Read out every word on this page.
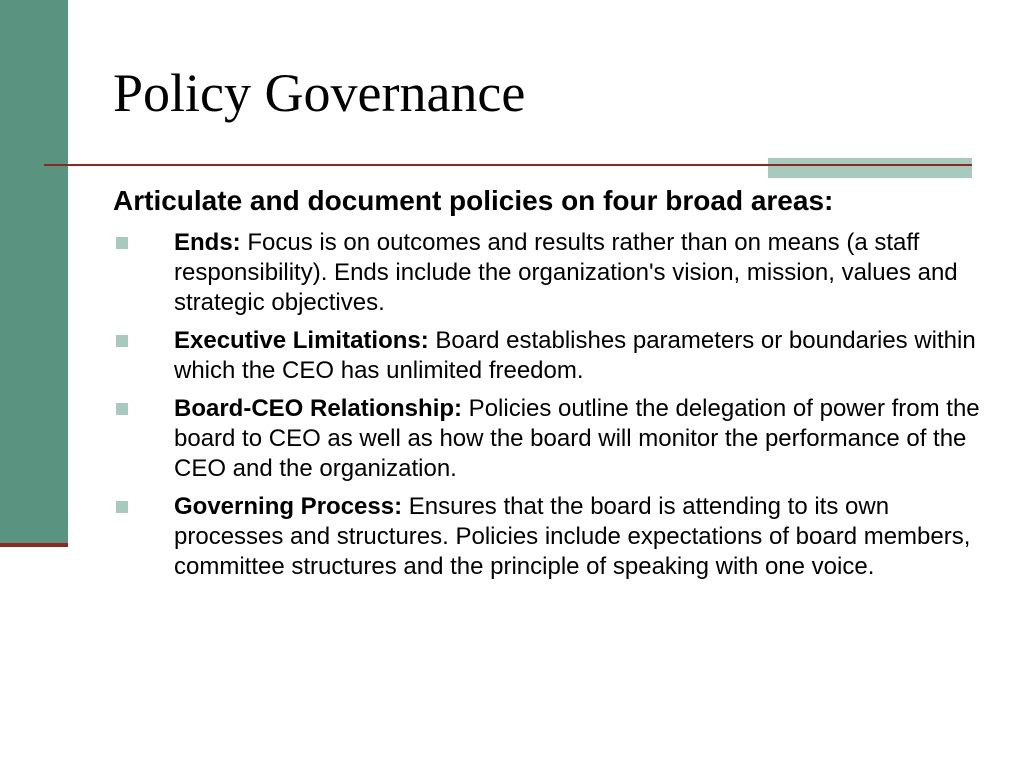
Policy Governance

Articulate and document policies on four broad areas:

Ends: Focus is on outcomes and results rather than on means (a staff responsibility). Ends include the organization's vision, mission, values and strategic objectives.
Executive Limitations: Board establishes parameters or boundaries within which the CEO has unlimited freedom.
Board-CEO Relationship: Policies outline the delegation of power from the board to CEO as well as how the board will monitor the performance of the CEO and the organization.
Governing Process: Ensures that the board is attending to its own processes and structures. Policies include expectations of board members, committee structures and the principle of speaking with one voice.
